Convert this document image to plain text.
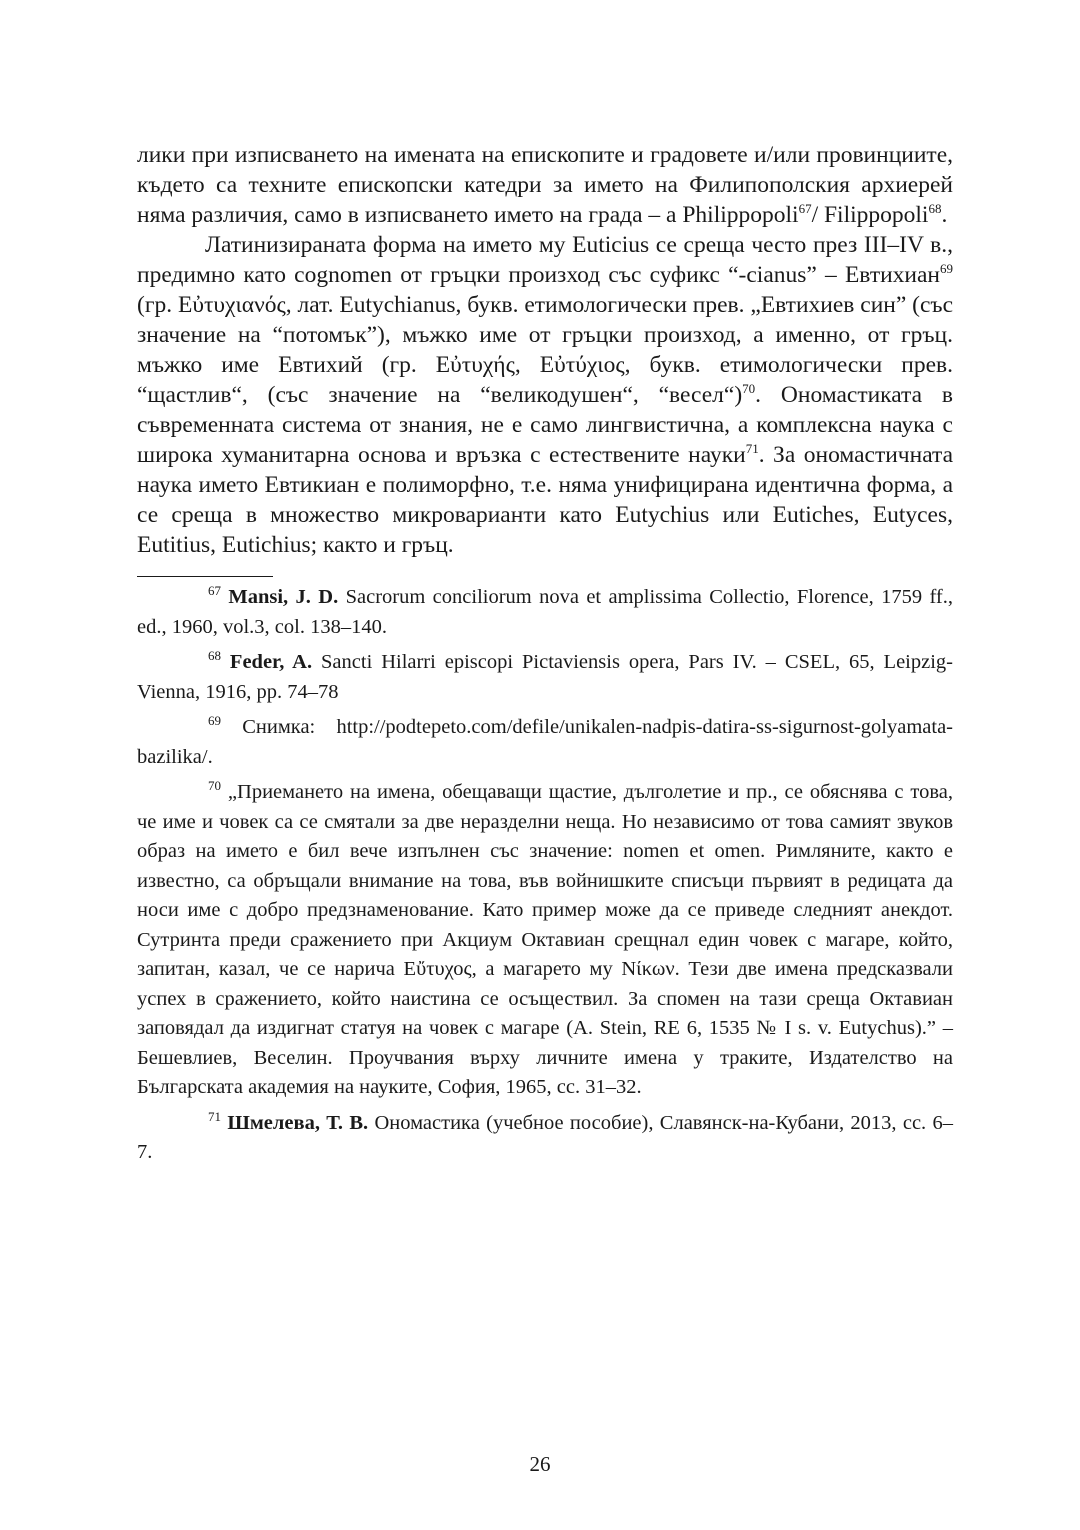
лики при изписването на имената на епископите и градовете и/или провинциите, където са техните епископски катедри за името на Филипополския архиерей няма различия, само в изписването името на града – а Philippopoli$^{67}$/ Filippopoli$^{68}$.

Латинизираната форма на името му Euticius се среща често през III–IV в., предимно като cognomen от гръцки произход със суфикс “-cianus” – Евтихиан$^{69}$ (гр. Εὐτυχιανός, лат. Eutychianus, букв. етимологически прев. „Евтихиев син” (със значение на “потомък”), мъжко име от гръцки произход, а именно, от гръц. мъжко име Евтихий (гр. Εὐτυχής, Εὐτύχιος, букв. етимологически прев. “щастлив“, (със значение на “великодушен“, “весел“)$^{70}$. Ономастиката в съвременната система от знания, не е само лингвистична, а комплексна наука с широка хуманитарна основа и връзка с естествените науки$^{71}$. За ономастичната наука името Евтикиан е полиморфно, т.е. няма унифицирана идентична форма, а се среща в множество микроварианти като Eutychius или Eutiches, Eutyces, Eutitius, Eutichius; както и гръц.

$^{67}$ Mansi, J. D. Sacrorum conciliorum nova et amplissima Collectio, Florence, 1759 ff., ed., 1960, vol.3, col. 138–140.

$^{68}$ Feder, A. Sancti Hilarri episcopi Pictaviensis opera, Pars IV. – CSEL, 65, Leipzig-Vienna, 1916, pp. 74–78

$^{69}$ Снимка: http://podtepeto.com/defile/unikalen-nadpis-datira-ss-sigurnost-golyamata-bazilika/.

$^{70}$ „Приемането на имена, обещаващи щастие, дълголетие и пр., се обяснява с това, че име и човек са се смятали за две неразделни неща. Но независимо от това самият звуков образ на името е бил вече изпълнен със значение: nomen et omen. Римляните, както е известно, са обръщали внимание на това, във войнишките списъци първият в редицата да носи име с добро предзнаменование. Като пример може да се приведе следният анекдот. Сутринта преди сражението при Акциум Октавиан срещнал един човек с магаре, който, запитан, казал, че се нарича Εὔτυχος, а магарето му Νίκων. Тези две имена предсказвали успех в сражението, който наистина се осъществил. За спомен на тази среща Октавиан заповядал да издигнат статуя на човек с магаре (A. Stein, RE 6, 1535 № I s. v. Eutychus).” – Бешевлиев, Веселин. Проучвания върху личните имена у траките, Издателство на Българската академия на науките, София, 1965, сс. 31–32.

$^{71}$ Шмелева, Т. В. Ономастика (учебное пособие), Славянск-на-Кубани, 2013, сс. 6–7.

26
